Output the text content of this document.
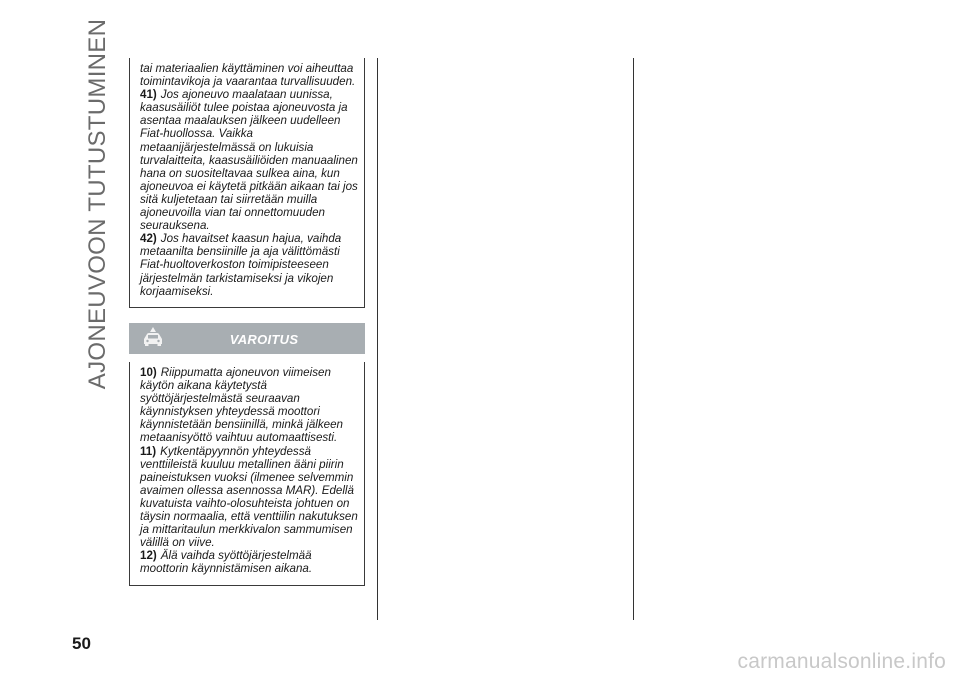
AJONEUVOON TUTUSTUMINEN	tai materiaalien käyttäminen voi aiheuttaa toimintavikoja ja vaarantaa turvallisuuden.

41) Jos ajoneuvo maalataan uunissa, kaasusäiliöt tulee poistaa ajoneuvosta ja asentaa maalauksen jälkeen uudelleen Fiat-huollossa. Vaikka metaanijärjestelmässä on lukuisia turvalaitteita, kaasusäiliöiden manuaalinen hana on suositeltavaa sulkea aina, kun ajoneuvoa ei käytetä pitkään aikaan tai jos sitä kuljetetaan tai siirretään muilla ajoneuvoilla vian tai onnettomuuden seurauksena.

42) Jos havaitset kaasun hajua, vaihda metaanilta bensiinille ja aja välittömästi Fiat-huoltoverkoston toimipisteeseen järjestelmän tarkistamiseksi ja vikojen korjaamiseksi.

VAROITUS

10) Riippumatta ajoneuvon viimeisen käytön aikana käytetystä syöttöjärjestelmästä seuraavan käynnistyksen yhteydessä moottori käynnistetään bensiinillä, minkä jälkeen metaanisyöttö vaihtuu automaattisesti.

11) Kytkentäpyynnön yhteydessä venttiileistä kuuluu metallinen ääni piirin paineistuksen vuoksi (ilmenee selvemmin avaimen ollessa asennossa MAR). Edellä kuvatuista vaihto-olosuhteista johtuen on täysin normaalia, että venttiilin nakutuksen ja mittaritaulun merkkivalon sammumisen välillä on viive.

12) Älä vaihda syöttöjärjestelmää moottorin käynnistämisen aikana.

50
carmanualsonline.info
